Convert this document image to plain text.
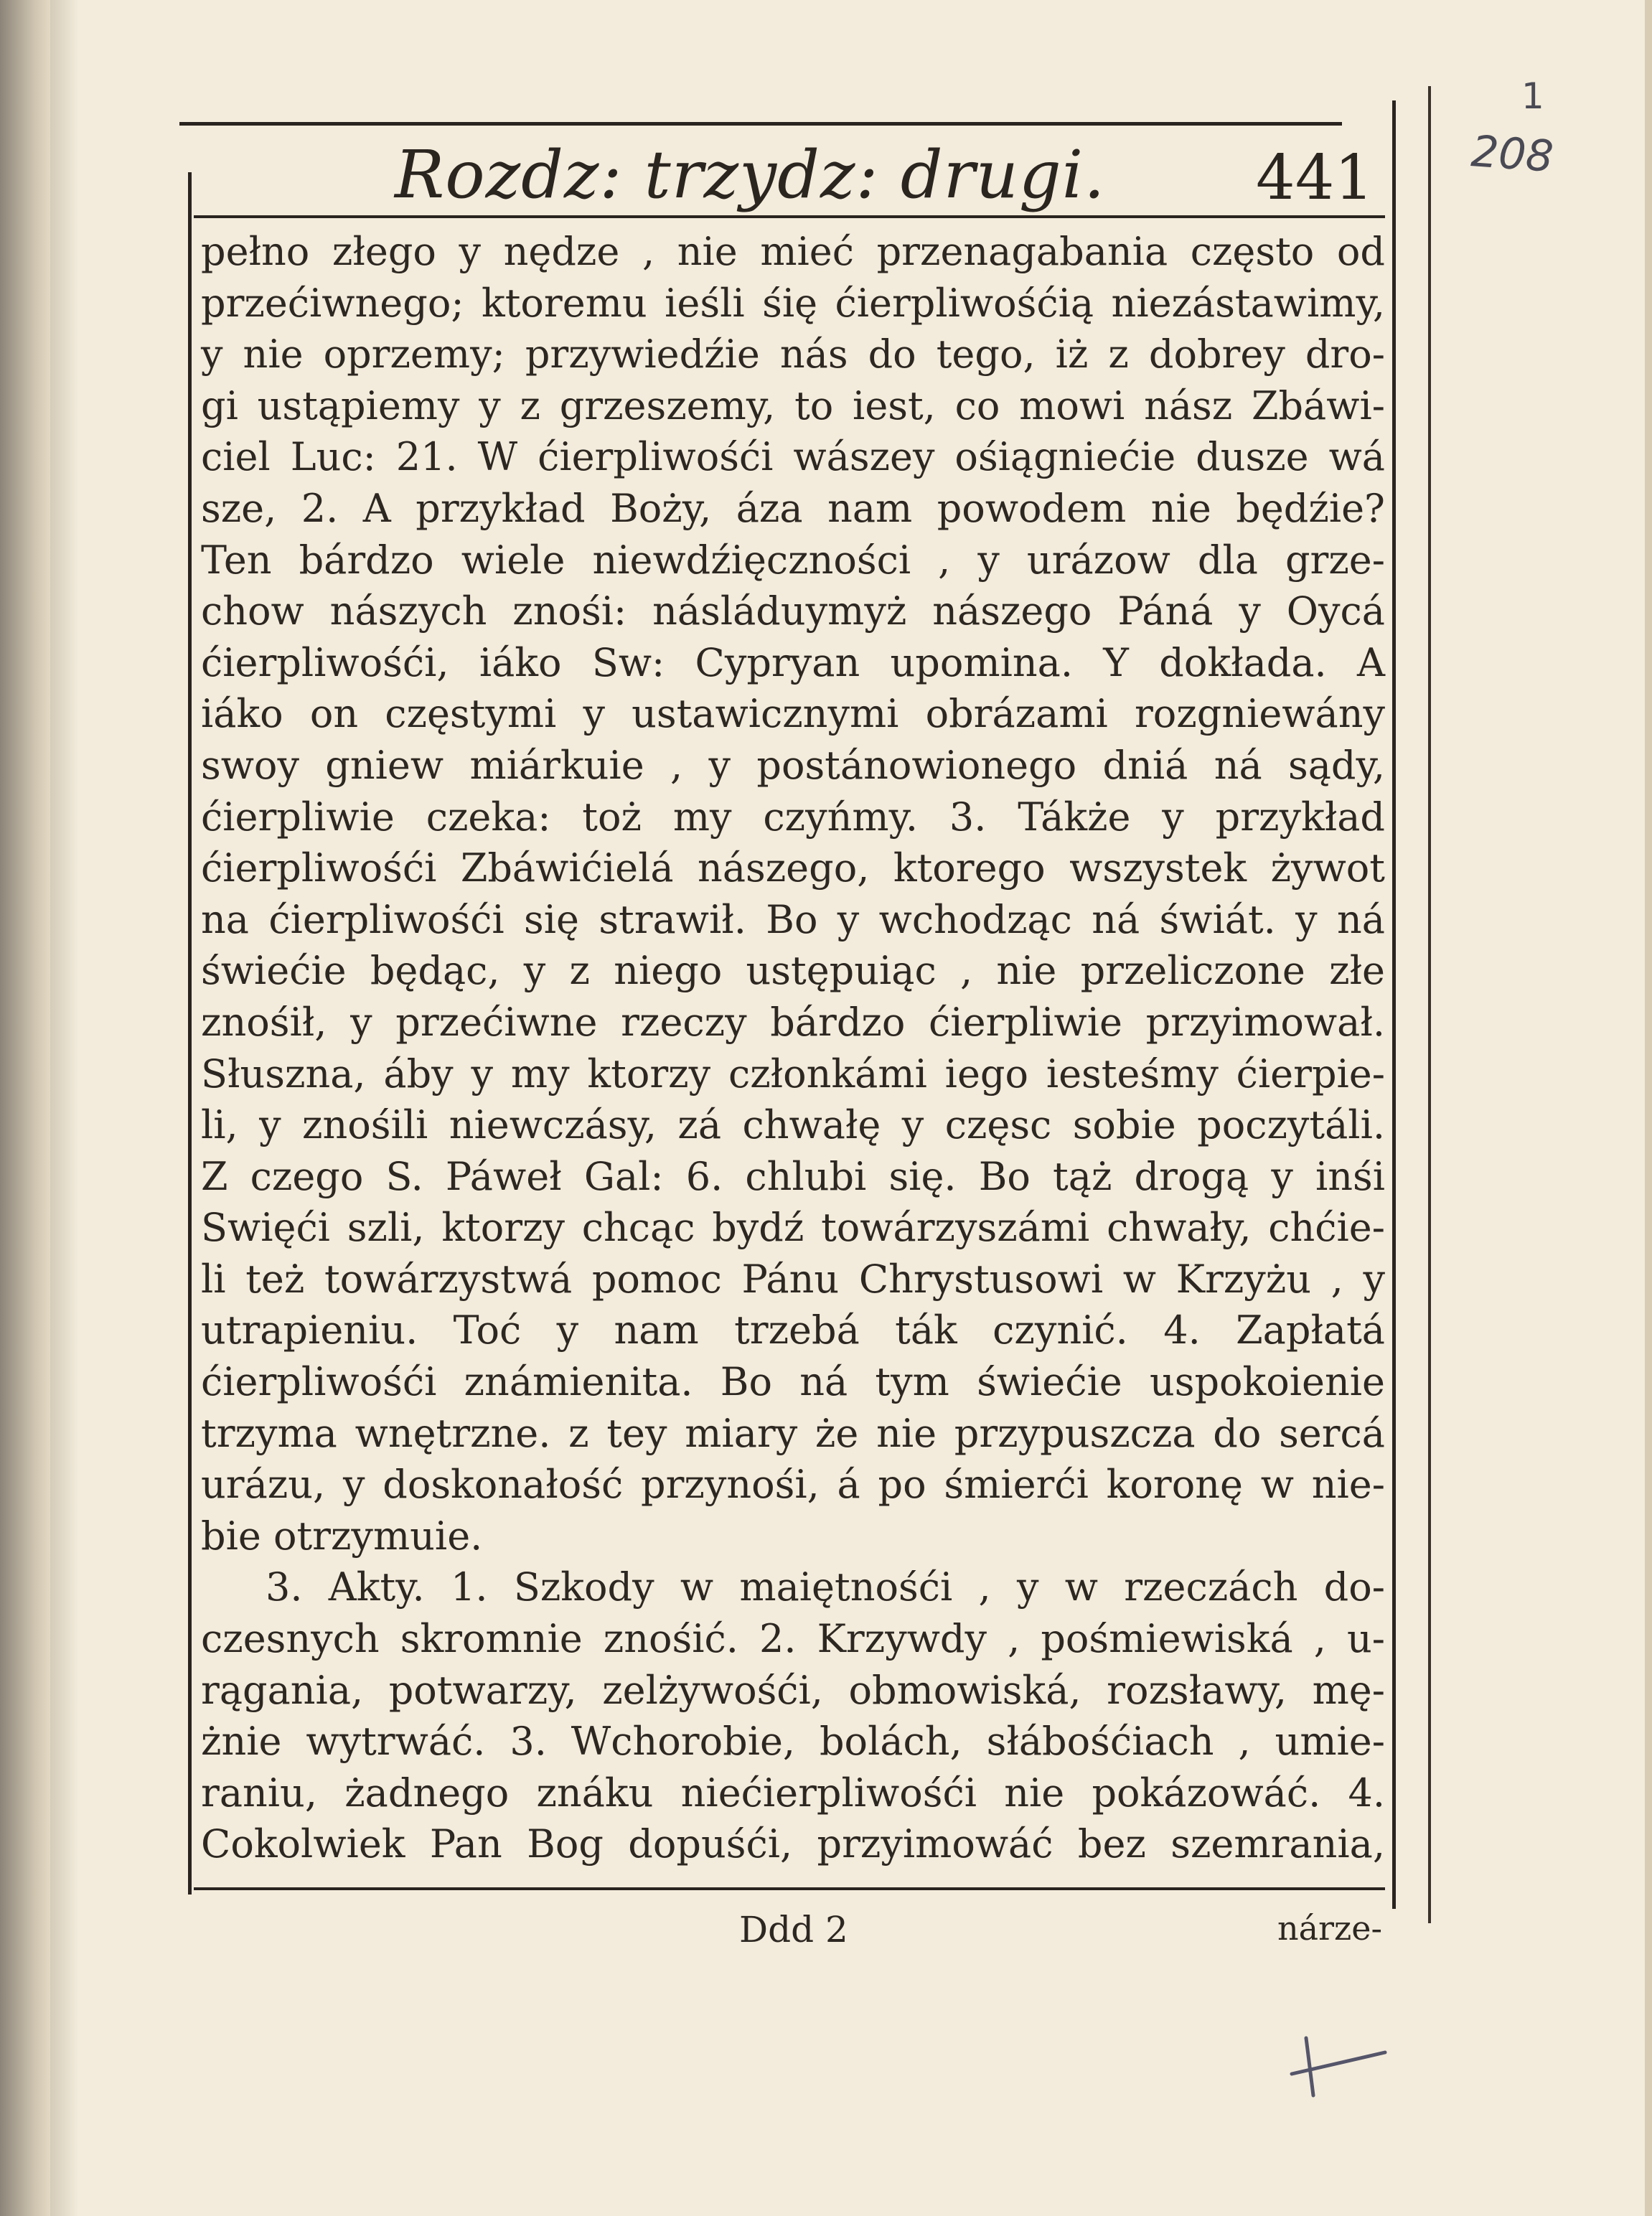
1
208
Rozdz: trzydz: drugi. 441
pełno złego y nędze , nie mieć przenagabania często od
przećiwnego; ktoremu ieśli śię ćierpliwośćią niezástawimy,
y nie oprzemy; przywiedźie nás do tego, iż z dobrey dro-
gi ustąpiemy y z grzeszemy, to iest, co mowi nász Zbáwi-
ciel Luc: 21. W ćierpliwośći wászey ośiągniećie dusze wá
sze, 2. A przykład Boży, áza nam powodem nie będźie?
Ten bárdzo wiele niewdźięczności , y urázow dla grze-
chow nászych znośi: násláduymyż nászego Páná y Oycá
ćierpliwośći, iáko Sw: Cypryan upomina. Y dokłada. A
iáko on częstymi y ustawicznymi obrázami rozgniewány
swoy gniew miárkuie , y postánowionego dniá ná sądy,
ćierpliwie czeka: toż my czyńmy. 3. Tákże y przykład
ćierpliwośći Zbáwićielá nászego, ktorego wszystek żywot
na ćierpliwośći się strawił. Bo y wchodząc ná świát. y ná
świećie będąc, y z niego ustępuiąc , nie przeliczone złe
znośił, y przećiwne rzeczy bárdzo ćierpliwie przyimował.
Słuszna, áby y my ktorzy członkámi iego iesteśmy ćierpie-
li, y znośili niewczásy, zá chwałę y częsc sobie poczytáli.
Z czego S. Páweł Gal: 6. chlubi się. Bo tąż drogą y inśi
Swięći szli, ktorzy chcąc bydź towárzyszámi chwały, chćie-
li też towárzystwá pomoc Pánu Chrystusowi w Krzyżu , y
utrapieniu. Toć y nam trzebá ták czynić. 4. Zapłatá
ćierpliwośći známienita. Bo ná tym świećie uspokoienie
trzyma wnętrzne. z tey miary że nie przypuszcza do sercá
urázu, y doskonałość przynośi, á po śmierći koronę w nie-
bie otrzymuie.
3. Akty. 1. Szkody w maiętnośći , y w rzeczách do-
czesnych skromnie znośić. 2. Krzywdy , pośmiewiská , u-
rągania, potwarzy, zelżywośći, obmowiská, rozsławy, mę-
żnie wytrwáć. 3. Wchorobie, bolách, słábośćiach , umie-
raniu, żadnego znáku niećierpliwośći nie pokázowáć. 4.
Cokolwiek Pan Bog dopuśći, przyimowáć bez szemrania,
Ddd 2	nárze-
